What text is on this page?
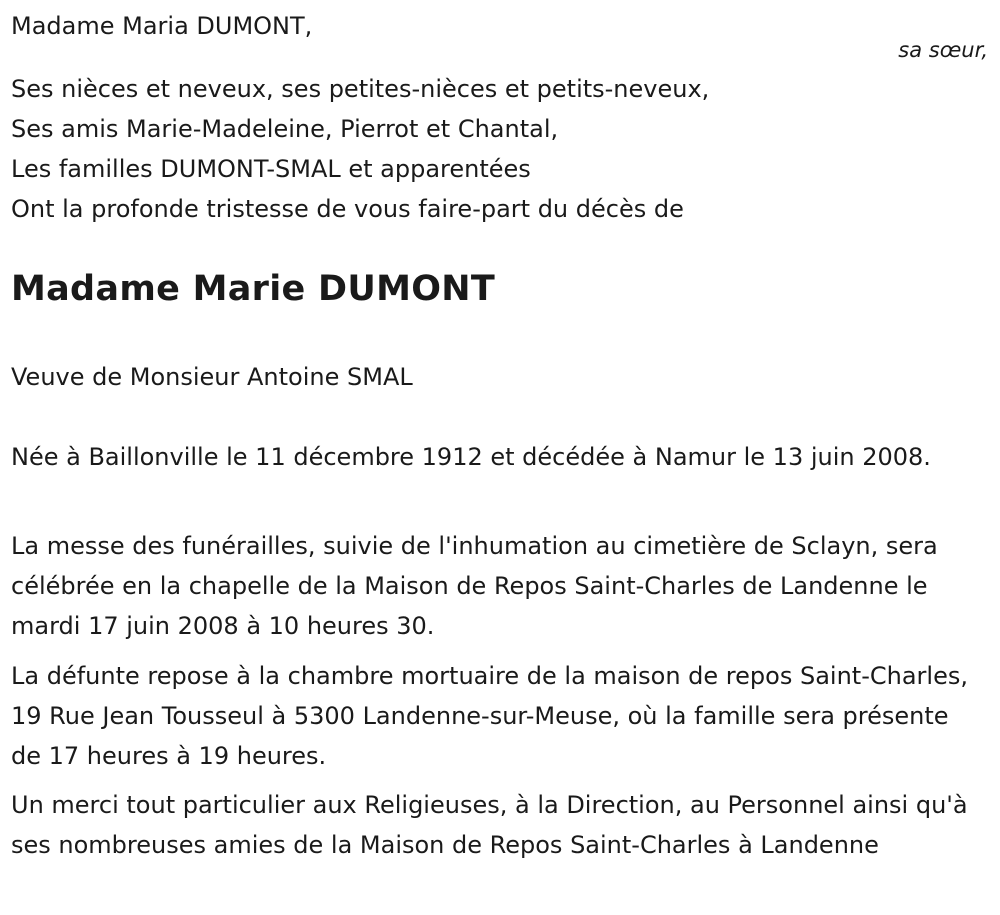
Madame Maria DUMONT,
sa sœur,
Ses nièces et neveux, ses petites-nièces et petits-neveux,
Ses amis Marie-Madeleine, Pierrot et Chantal,
Les familles DUMONT-SMAL et apparentées
Ont la profonde tristesse de vous faire-part du décès de
Madame Marie DUMONT
Veuve de Monsieur Antoine SMAL
Née à Baillonville le 11 décembre 1912 et décédée à Namur le 13 juin 2008.
La messe des funérailles, suivie de l'inhumation au cimetière de Sclayn, sera célébrée en la chapelle de la Maison de Repos Saint-Charles de Landenne le mardi 17 juin 2008 à 10 heures 30.
La défunte repose à la chambre mortuaire de la maison de repos Saint-Charles, 19 Rue Jean Tousseul à 5300 Landenne-sur-Meuse, où la famille sera présente de 17 heures à 19 heures.
Un merci tout particulier aux Religieuses, à la Direction, au Personnel ainsi qu'à ses nombreuses amies de la Maison de Repos Saint-Charles à Landenne
